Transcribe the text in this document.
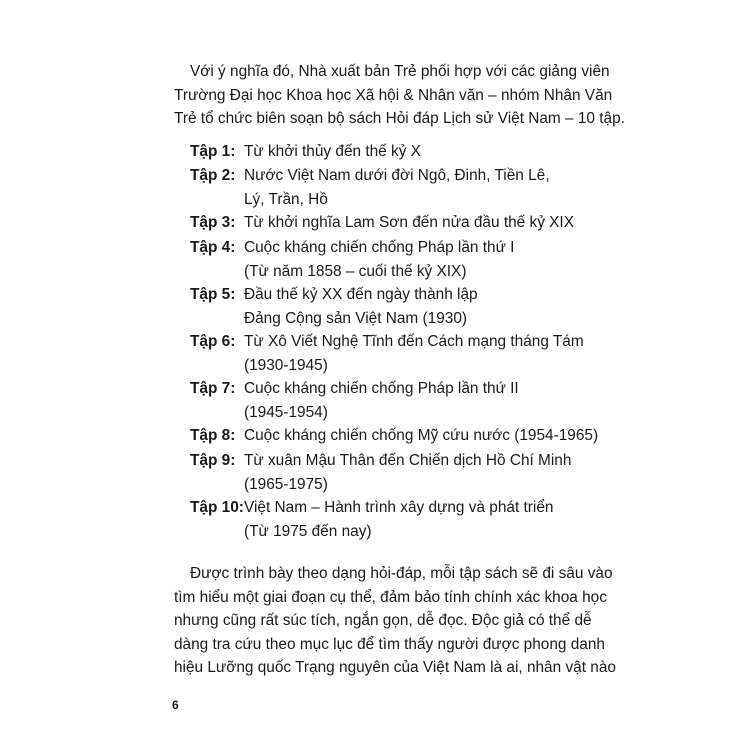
Với ý nghĩa đó, Nhà xuất bản Trẻ phối hợp với các giảng viên
Trường Đại học Khoa học Xã hội & Nhân văn – nhóm Nhân Văn
Trẻ tổ chức biên soạn bộ sách Hỏi đáp Lịch sử Việt Nam – 10 tập.

Tập 1: Từ khởi thủy đến thế kỷ X
Tập 2: Nước Việt Nam dưới đời Ngô, Đinh, Tiền Lê,
Lý, Trần, Hồ
Tập 3: Từ khởi nghĩa Lam Sơn đến nửa đầu thế kỷ XIX
Tập 4: Cuộc kháng chiến chống Pháp lần thứ I
(Từ năm 1858 – cuối thế kỷ XIX)
Tập 5: Đầu thế kỷ XX đến ngày thành lập
Đảng Cộng sản Việt Nam (1930)
Tập 6: Từ Xô Viết Nghệ Tĩnh đến Cách mạng tháng Tám
(1930-1945)
Tập 7: Cuộc kháng chiến chống Pháp lần thứ II
(1945-1954)
Tập 8: Cuộc kháng chiến chống Mỹ cứu nước (1954-1965)
Tập 9: Từ xuân Mậu Thân đến Chiến dịch Hồ Chí Minh
(1965-1975)
Tập 10: Việt Nam – Hành trình xây dựng và phát triển
(Từ 1975 đến nay)

Được trình bày theo dạng hỏi-đáp, mỗi tập sách sẽ đi sâu vào
tìm hiểu một giai đoạn cụ thể, đảm bảo tính chính xác khoa học
nhưng cũng rất súc tích, ngắn gọn, dễ đọc. Độc giả có thể dễ
dàng tra cứu theo mục lục để tìm thấy người được phong danh
hiệu Lưỡng quốc Trạng nguyên của Việt Nam là ai, nhân vật nào

6
